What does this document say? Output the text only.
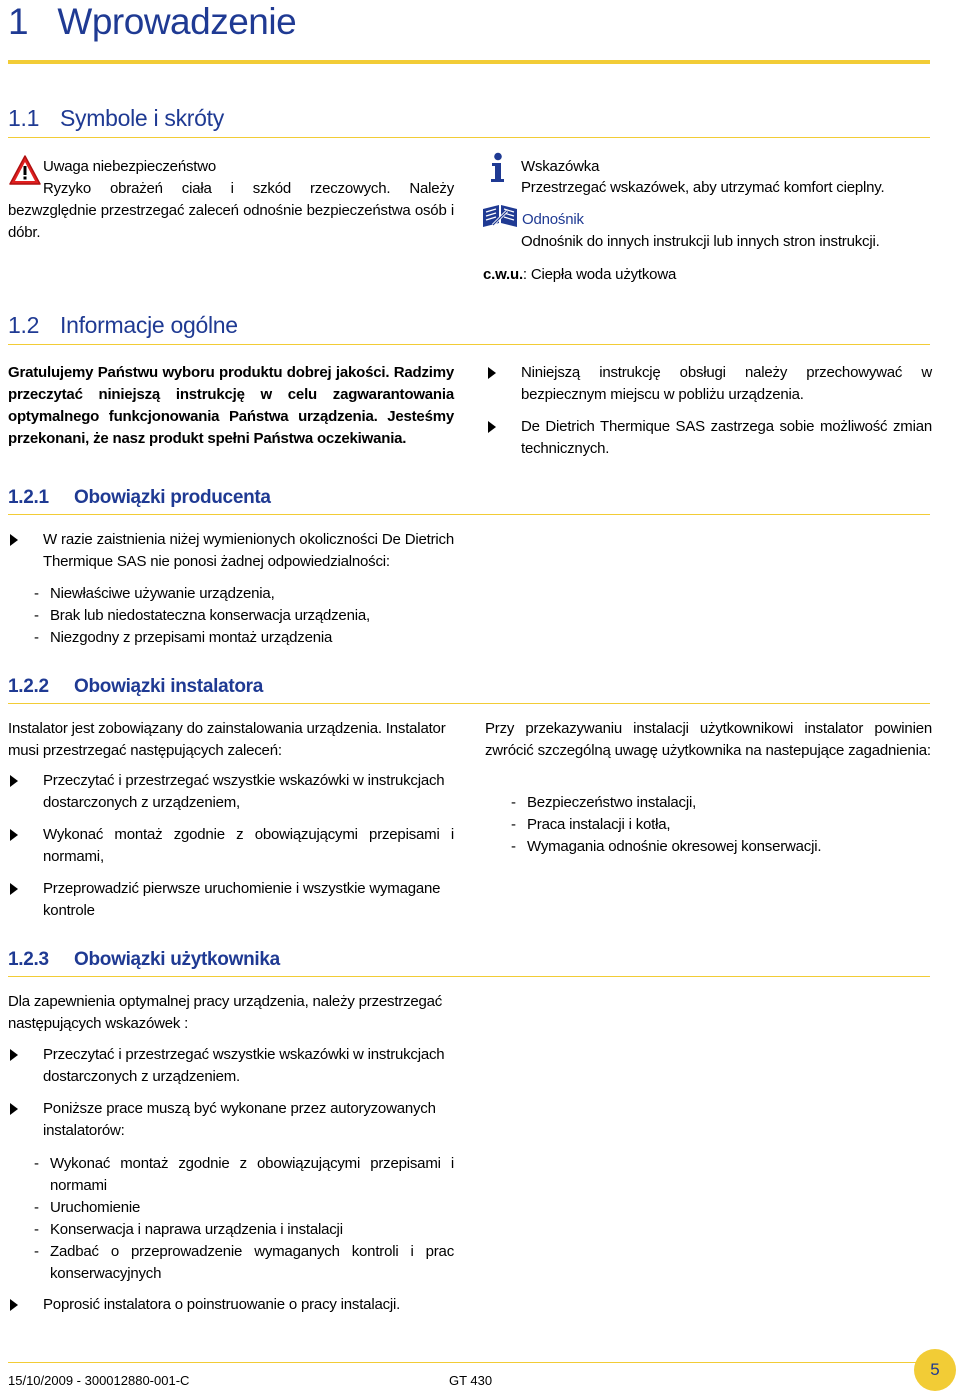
1 Wprowadzenie
1.1 Symbole i skróty
Uwaga niebezpieczeństwo
Ryzyko obrażeń ciała i szkód rzeczowych. Należy bezwzględnie przestrzegać zaleceń odnośnie bezpieczeństwa osób i dóbr.
Wskazówka
Przestrzegać wskazówek, aby utrzymać komfort cieplny.
Odnośnik
Odnośnik do innych instrukcji lub innych stron instrukcji.
c.w.u.: Ciepła woda użytkowa
1.2 Informacje ogólne
Gratulujemy Państwu wyboru produktu dobrej jakości. Radzimy przeczytać niniejszą instrukcję w celu zagwarantowania optymalnego funkcjonowania Państwa urządzenia. Jesteśmy przekonani, że nasz produkt spełni Państwa oczekiwania.
Niniejszą instrukcję obsługi należy przechowywać w bezpiecznym miejscu w pobliżu urządzenia.
De Dietrich Thermique SAS zastrzega sobie możliwość zmian technicznych.
1.2.1 Obowiązki producenta
W razie zaistnienia niżej wymienionych okoliczności De Dietrich Thermique SAS nie ponosi żadnej odpowiedzialności:
- Niewłaściwe używanie urządzenia,
- Brak lub niedostateczna konserwacja urządzenia,
- Niezgodny z przepisami montaż urządzenia
1.2.2 Obowiązki instalatora
Instalator jest zobowiązany do zainstalowania urządzenia. Instalator musi przestrzegać następujących zaleceń:
Przeczytać i przestrzegać wszystkie wskazówki w instrukcjach dostarczonych z urządzeniem,
Wykonać montaż zgodnie z obowiązującymi przepisami i normami,
Przeprowadzić pierwsze uruchomienie i wszystkie wymagane kontrole
Przy przekazywaniu instalacji użytkownikowi instalator powinien zwrócić szczególną uwagę użytkownika na nastepujące zagadnienia:
- Bezpieczeństwo instalacji,
- Praca instalacji i kotła,
- Wymagania odnośnie okresowej konserwacji.
1.2.3 Obowiązki użytkownika
Dla zapewnienia optymalnej pracy urządzenia, należy przestrzegać następujących wskazówek :
Przeczytać i przestrzegać wszystkie wskazówki w instrukcjach dostarczonych z urządzeniem.
Poniższe prace muszą być wykonane przez autoryzowanych instalatorów:
- Wykonać montaż zgodnie z obowiązującymi przepisami i normami
- Uruchomienie
- Konserwacja i naprawa urządzenia i instalacji
- Zadbać o przeprowadzenie wymaganych kontroli i prac konserwacyjnych
Poprosić instalatora o poinstruowanie o pracy instalacji.
15/10/2009 - 300012880-001-C	GT 430
5
